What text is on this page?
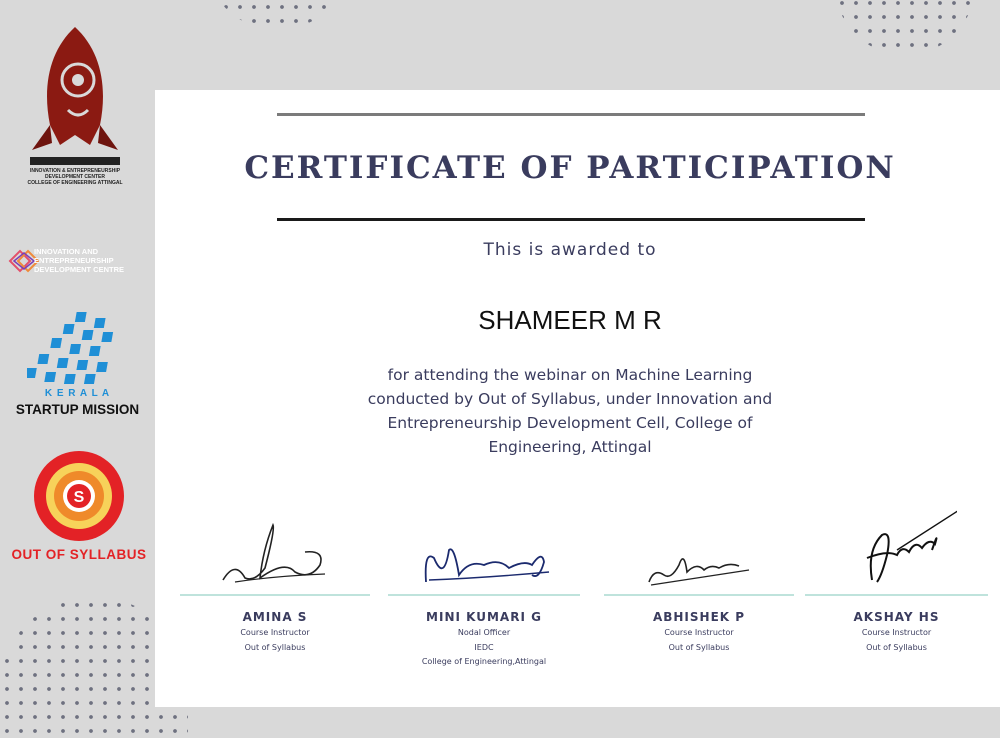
INNOVATION & ENTREPRENEURSHIP
DEVELOPMENT CENTER
COLLEGE OF ENGINEERING ATTINGAL
INNOVATION AND
ENTREPRENEURSHIP
DEVELOPMENT CENTRE
K E R A L A
STARTUP MISSION
S
OUT OF SYLLABUS
CERTIFICATE OF PARTICIPATION
This is awarded to
SHAMEER M R
for attending the webinar on Machine Learning conducted by Out of Syllabus, under Innovation and Entrepreneurship Development Cell, College of Engineering, Attingal
AMINA S
Course Instructor
Out of Syllabus
MINI KUMARI G
Nodal Officer
IEDC
College of Engineering,Attingal
ABHISHEK P
Course Instructor
Out of Syllabus
AKSHAY HS
Course Instructor
Out of Syllabus
